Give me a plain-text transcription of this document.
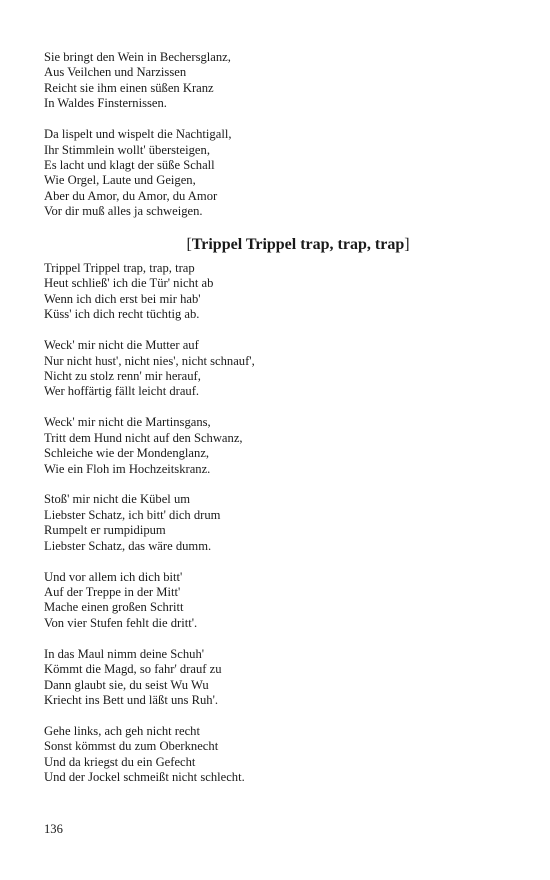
Sie bringt den Wein in Bechersglanz,
Aus Veilchen und Narzissen
Reicht sie ihm einen süßen Kranz
In Waldes Finsternissen.
Da lispelt und wispelt die Nachtigall,
Ihr Stimmlein wollt' übersteigen,
Es lacht und klagt der süße Schall
Wie Orgel, Laute und Geigen,
Aber du Amor, du Amor, du Amor
Vor dir muß alles ja schweigen.
[Trippel Trippel trap, trap, trap]
Trippel Trippel trap, trap, trap
Heut schließ' ich die Tür' nicht ab
Wenn ich dich erst bei mir hab'
Küss' ich dich recht tüchtig ab.
Weck' mir nicht die Mutter auf
Nur nicht hust', nicht nies', nicht schnauf',
Nicht zu stolz renn' mir herauf,
Wer hoffärtig fällt leicht drauf.
Weck' mir nicht die Martinsgans,
Tritt dem Hund nicht auf den Schwanz,
Schleiche wie der Mondenglanz,
Wie ein Floh im Hochzeitskranz.
Stoß' mir nicht die Kübel um
Liebster Schatz, ich bitt' dich drum
Rumpelt er rumpidipum
Liebster Schatz, das wäre dumm.
Und vor allem ich dich bitt'
Auf der Treppe in der Mitt'
Mache einen großen Schritt
Von vier Stufen fehlt die dritt'.
In das Maul nimm deine Schuh'
Kömmt die Magd, so fahr' drauf zu
Dann glaubt sie, du seist Wu Wu
Kriecht ins Bett und läßt uns Ruh'.
Gehe links, ach geh nicht recht
Sonst kömmst du zum Oberknecht
Und da kriegst du ein Gefecht
Und der Jockel schmeißt nicht schlecht.
136
